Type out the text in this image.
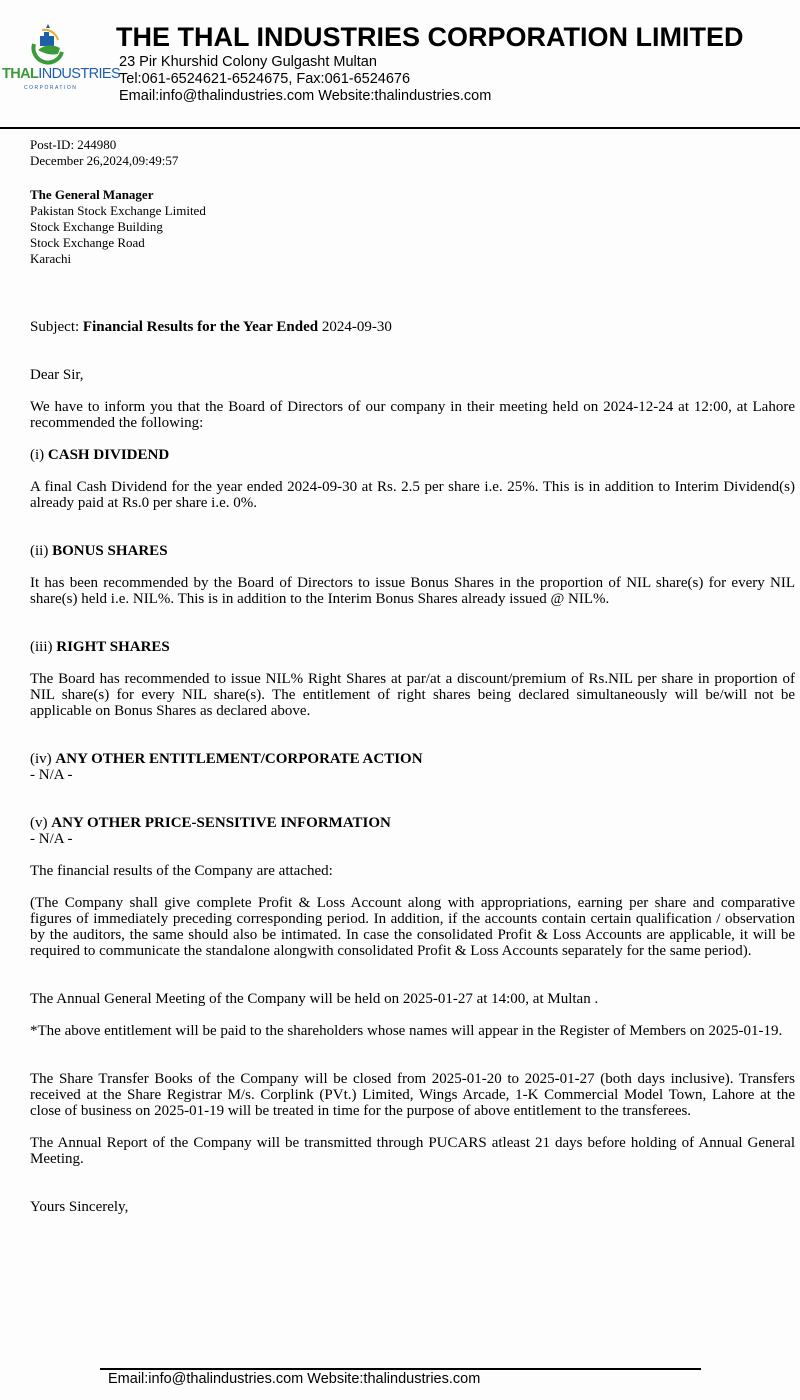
THALINDUSTRIES
CORPORATION
THE THAL INDUSTRIES CORPORATION LIMITED
23 Pir Khurshid Colony Gulgasht Multan
Tel:061-6524621-6524675, Fax:061-6524676
Email:info@thalindustries.com Website:thalindustries.com
Post-ID: 244980
December 26,2024,09:49:57
The General Manager
Pakistan Stock Exchange Limited
Stock Exchange Building
Stock Exchange Road
Karachi
Subject: Financial Results for the Year Ended 2024-09-30

Dear Sir,

We have to inform you that the Board of Directors of our company in their meeting held on 2024-12-24 at 12:00, at Lahore recommended the following:

(i) CASH DIVIDEND

A final Cash Dividend for the year ended 2024-09-30 at Rs. 2.5 per share i.e. 25%. This is in addition to Interim Dividend(s) already paid at Rs.0 per share i.e. 0%.

(ii) BONUS SHARES

It has been recommended by the Board of Directors to issue Bonus Shares in the proportion of NIL share(s) for every NIL share(s) held i.e. NIL%. This is in addition to the Interim Bonus Shares already issued @ NIL%.

(iii) RIGHT SHARES

The Board has recommended to issue NIL% Right Shares at par/at a discount/premium of Rs.NIL per share in proportion of NIL share(s) for every NIL share(s). The entitlement of right shares being declared simultaneously will be/will not be applicable on Bonus Shares as declared above.

(iv) ANY OTHER ENTITLEMENT/CORPORATE ACTION

- N/A -

(v) ANY OTHER PRICE-SENSITIVE INFORMATION

- N/A -

The financial results of the Company are attached:

(The Company shall give complete Profit & Loss Account along with appropriations, earning per share and comparative figures of immediately preceding corresponding period. In addition, if the accounts contain certain qualification / observation by the auditors, the same should also be intimated. In case the consolidated Profit & Loss Accounts are applicable, it will be required to communicate the standalone alongwith consolidated Profit & Loss Accounts separately for the same period).

The Annual General Meeting of the Company will be held on 2025-01-27 at 14:00, at Multan .

*The above entitlement will be paid to the shareholders whose names will appear in the Register of Members on 2025-01-19.

The Share Transfer Books of the Company will be closed from 2025-01-20 to 2025-01-27 (both days inclusive). Transfers received at the Share Registrar M/s. Corplink (PVt.) Limited, Wings Arcade, 1-K Commercial Model Town, Lahore at the close of business on 2025-01-19 will be treated in time for the purpose of above entitlement to the transferees.

The Annual Report of the Company will be transmitted through PUCARS atleast 21 days before holding of Annual General Meeting.

Yours Sincerely,

Email:info@thalindustries.com Website:thalindustries.com
